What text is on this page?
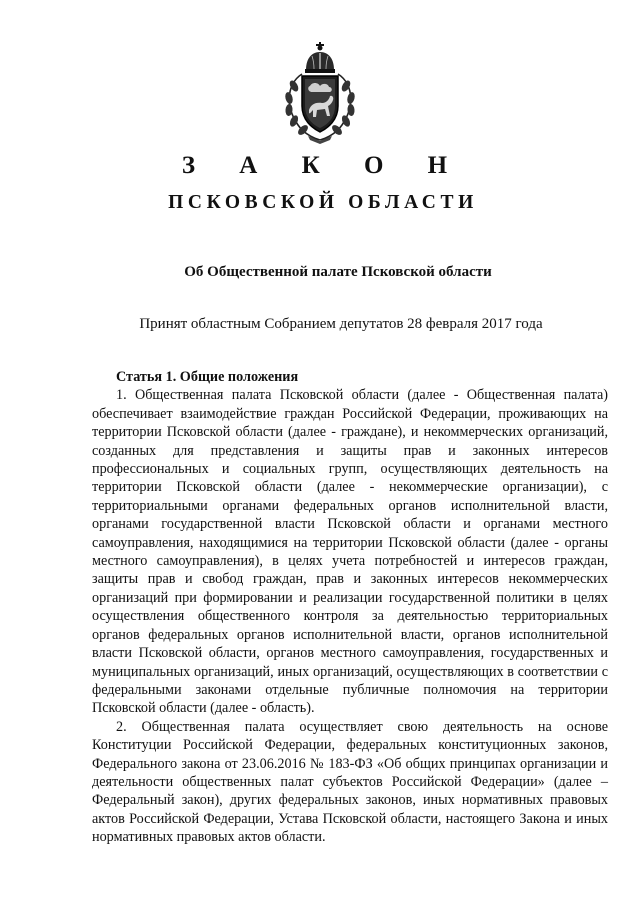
З А К О Н
ПСКОВСКОЙ ОБЛАСТИ
Об Общественной палате Псковской области
Принят областным Собранием депутатов 28 февраля 2017 года

Статья 1. Общие положения

1. Общественная палата Псковской области (далее - Общественная палата) обеспечивает взаимодействие граждан Российской Федерации, проживающих на территории Псковской области (далее - граждане), и некоммерческих организаций, созданных для представления и защиты прав и законных интересов профессиональных и социальных групп, осуществляющих деятельность на территории Псковской области (далее - некоммерческие организации), с территориальными органами федеральных органов исполнительной власти, органами государственной власти Псковской области и органами местного самоуправления, находящимися на территории Псковской области (далее - органы местного самоуправления), в целях учета потребностей и интересов граждан, защиты прав и свобод граждан, прав и законных интересов некоммерческих организаций при формировании и реализации государственной политики в целях осуществления общественного контроля за деятельностью территориальных органов федеральных органов исполнительной власти, органов исполнительной власти Псковской области, органов местного самоуправления, государственных и муниципальных организаций, иных организаций, осуществляющих в соответствии с федеральными законами отдельные публичные полномочия на территории Псковской области (далее - область).

2. Общественная палата осуществляет свою деятельность на основе Конституции Российской Федерации, федеральных конституционных законов, Федерального закона от 23.06.2016 № 183-ФЗ «Об общих принципах организации и деятельности общественных палат субъектов Российской Федерации» (далее – Федеральный закон), других федеральных законов, иных нормативных правовых актов Российской Федерации, Устава Псковской области, настоящего Закона и иных нормативных правовых актов области.
